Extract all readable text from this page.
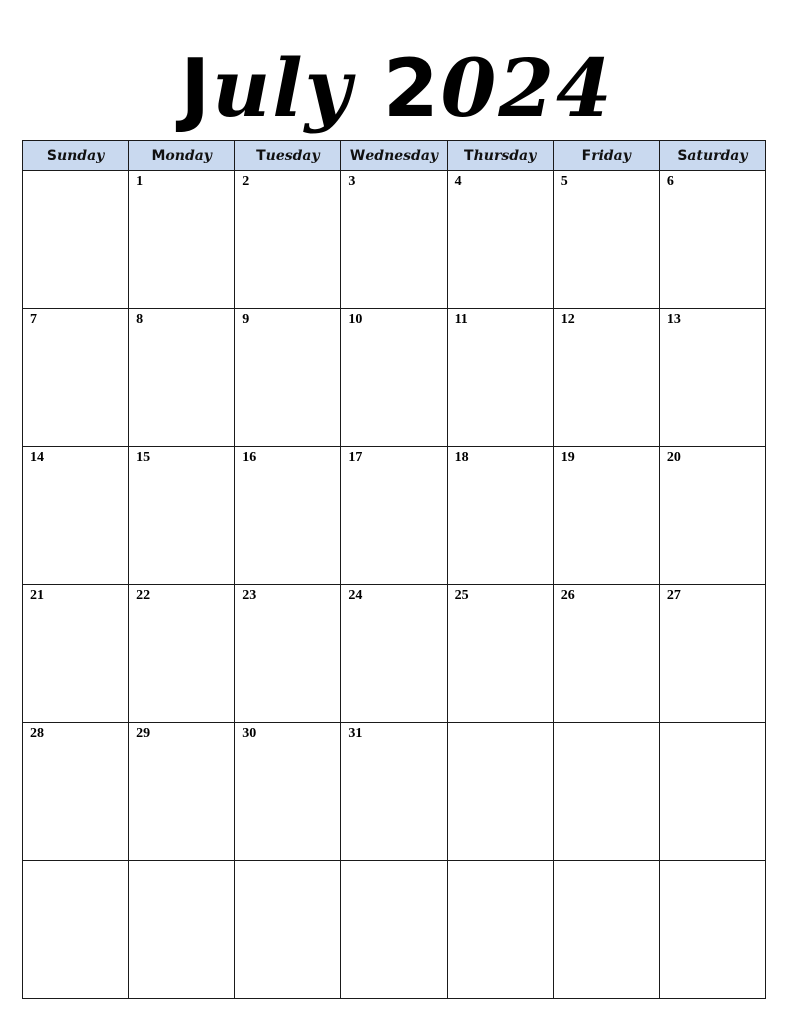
July 2024
Sunday	Monday	Tuesday	Wednesday	Thursday	Friday	Saturday

	1	2	3	4	5	6

7	8	9	10	11	12	13

14	15	16	17	18	19	20

21	22	23	24	25	26	27

28	29	30	31			
